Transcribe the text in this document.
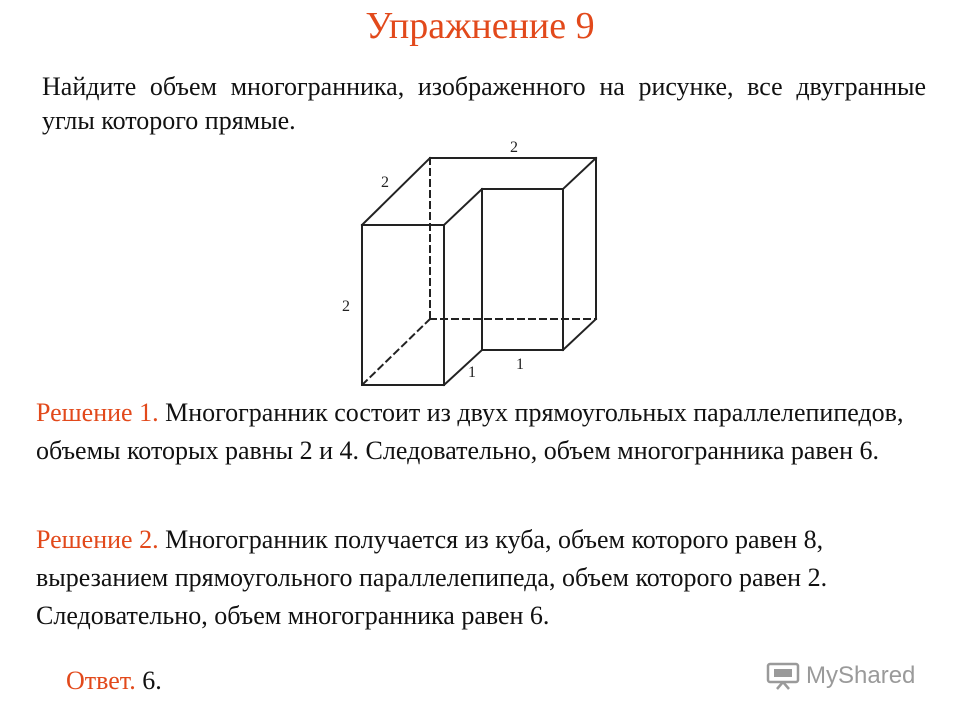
Упражнение 9
Найдите объем многогранника, изображенного на рисунке, все двугранные углы которого прямые.
2
2
2
1	1
Решение 1. Многогранник состоит из двух прямоугольных параллелепипедов, объемы которых равны 2 и 4. Следовательно, объем многогранника равен 6.
Решение 2. Многогранник получается из куба, объем которого равен 8, вырезанием прямоугольного параллелепипеда, объем которого равен 2. Следовательно, объем многогранника равен 6.
Ответ. 6.	MyShared
